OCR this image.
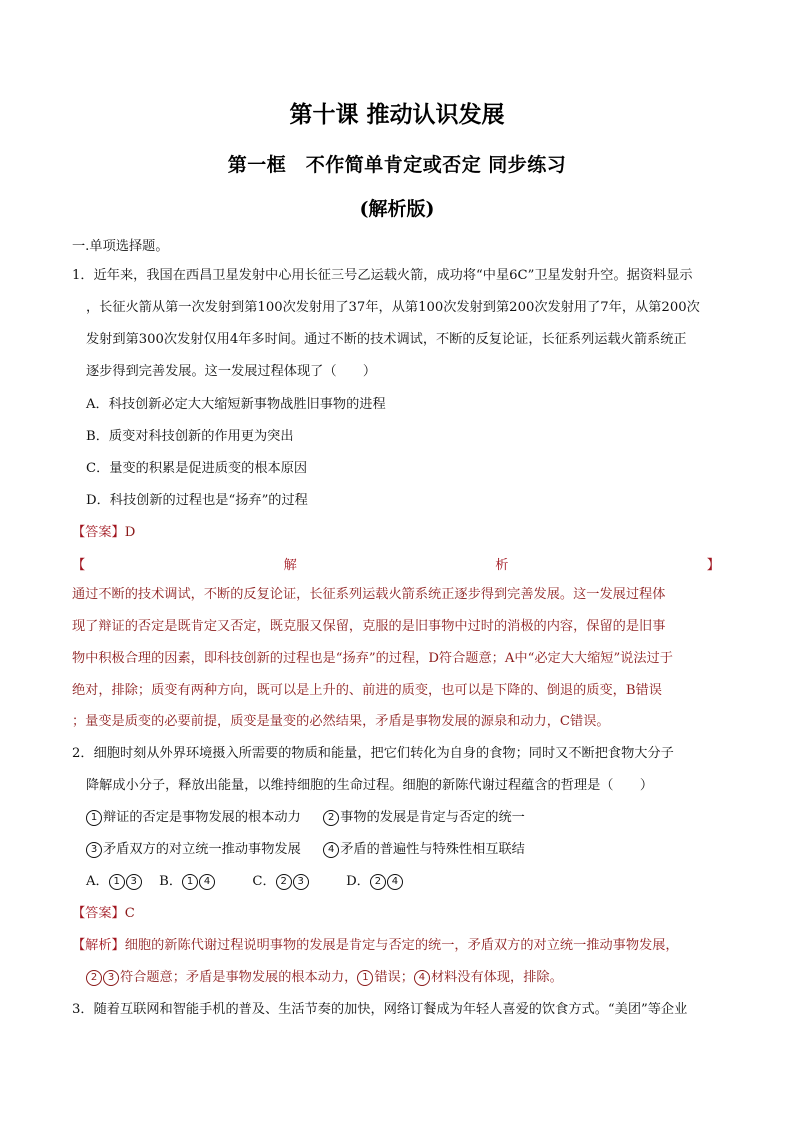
第十课 推动认识发展
第一框　不作简单肯定或否定 同步练习
(解析版)
一.单项选择题。
1．近年来，我国在西昌卫星发射中心用长征三号乙运载火箭，成功将“中星6C”卫星发射升空。据资料显示
，长征火箭从第一次发射到第100次发射用了37年，从第100次发射到第200次发射用了7年，从第200次
发射到第300次发射仅用4年多时间。通过不断的技术调试，不断的反复论证，长征系列运载火箭系统正
逐步得到完善发展。这一发展过程体现了（　　）
A．科技创新必定大大缩短新事物战胜旧事物的进程
B．质变对科技创新的作用更为突出
C．量变的积累是促进质变的根本原因
D．科技创新的过程也是“扬弃”的过程
【答案】D
【	解	析	】
通过不断的技术调试，不断的反复论证，长征系列运载火箭系统正逐步得到完善发展。这一发展过程体
现了辩证的否定是既肯定又否定，既克服又保留，克服的是旧事物中过时的消极的内容，保留的是旧事
物中积极合理的因素，即科技创新的过程也是“扬弃”的过程，D符合题意；A中“必定大大缩短”说法过于
绝对，排除；质变有两种方向，既可以是上升的、前进的质变，也可以是下降的、倒退的质变，B错误
；量变是质变的必要前提，质变是量变的必然结果，矛盾是事物发展的源泉和动力，C错误。
2．细胞时刻从外界环境摄入所需要的物质和能量，把它们转化为自身的食物；同时又不断把食物大分子
降解成小分子，释放出能量，以维持细胞的生命过程。细胞的新陈代谢过程蕴含的哲理是（　　）
1 辩证的否定是事物发展的根本动力	2 事物的发展是肯定与否定的统一
3 矛盾双方的对立统一推动事物发展	4 矛盾的普遍性与特殊性相互联结
A． 1 3 B． 1 4	C． 2 3	D． 2 4
【答案】C
【解析】细胞的新陈代谢过程说明事物的发展是肯定与否定的统一，矛盾双方的对立统一推动事物发展，
2 3 符合题意；矛盾是事物发展的根本动力， 1 错误； 4 材料没有体现，排除。
3．随着互联网和智能手机的普及、生活节奏的加快，网络订餐成为年轻人喜爱的饮食方式。“美团”等企业
